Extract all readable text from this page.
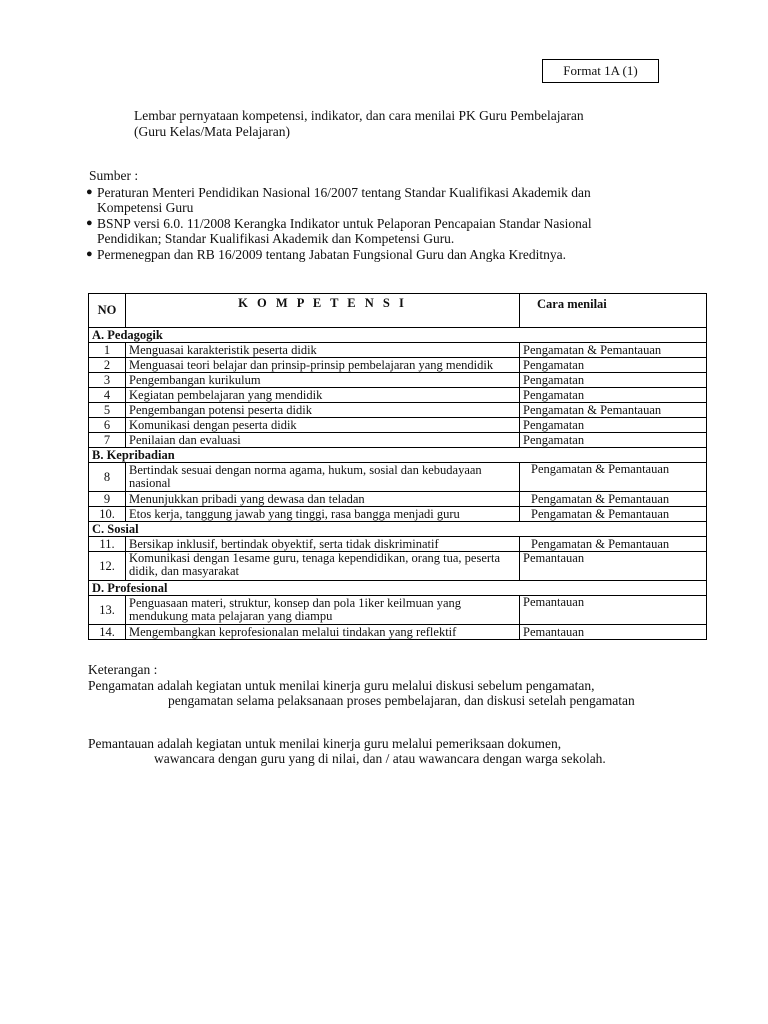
Format 1A (1)
Lembar pernyataan kompetensi, indikator, dan cara menilai PK Guru Pembelajaran
(Guru Kelas/Mata Pelajaran)
Sumber :
● Peraturan Menteri Pendidikan Nasional 16/2007 tentang Standar Kualifikasi Akademik dan
Kompetensi Guru
● BSNP versi 6.0. 11/2008 Kerangka Indikator untuk Pelaporan Pencapaian Standar Nasional
Pendidikan; Standar Kualifikasi Akademik dan Kompetensi Guru.
● Permenegpan dan RB 16/2009 tentang Jabatan Fungsional Guru dan Angka Kreditnya.
NO	K O M P E T E N S I	Cara menilai
A. Pedagogik		
1	Menguasai karakteristik peserta didik	Pengamatan & Pemantauan
2	Menguasai teori belajar dan prinsip-prinsip pembelajaran yang mendidik	Pengamatan
3	Pengembangan kurikulum	Pengamatan
4	Kegiatan pembelajaran yang mendidik	Pengamatan
5	Pengembangan potensi peserta didik	Pengamatan & Pemantauan
6	Komunikasi dengan peserta didik	Pengamatan
7	Penilaian dan evaluasi	Pengamatan
B. Kepribadian		
8	Bertindak sesuai dengan norma agama, hukum, sosial dan kebudayaan nasional	Pengamatan & Pemantauan
9	Menunjukkan pribadi yang dewasa dan teladan	Pengamatan & Pemantauan
10.	Etos kerja, tanggung jawab yang tinggi, rasa bangga menjadi guru	Pengamatan & Pemantauan
C. Sosial		
11.	Bersikap inklusif, bertindak obyektif, serta tidak diskriminatif	Pengamatan & Pemantauan
12.	Komunikasi dengan 1esame guru, tenaga kependidikan, orang tua, peserta didik, dan masyarakat	Pemantauan
D. Profesional		
13.	Penguasaan materi, struktur, konsep dan pola 1iker keilmuan yang mendukung mata pelajaran yang diampu	Pemantauan
14.	Mengembangkan keprofesionalan melalui tindakan yang reflektif	Pemantauan
Keterangan :
Pengamatan adalah kegiatan untuk menilai kinerja guru melalui diskusi sebelum pengamatan,
pengamatan selama pelaksanaan proses pembelajaran, dan diskusi setelah pengamatan
Pemantauan adalah kegiatan untuk menilai kinerja guru melalui pemeriksaan dokumen,
wawancara dengan guru yang di nilai, dan / atau wawancara dengan warga sekolah.
